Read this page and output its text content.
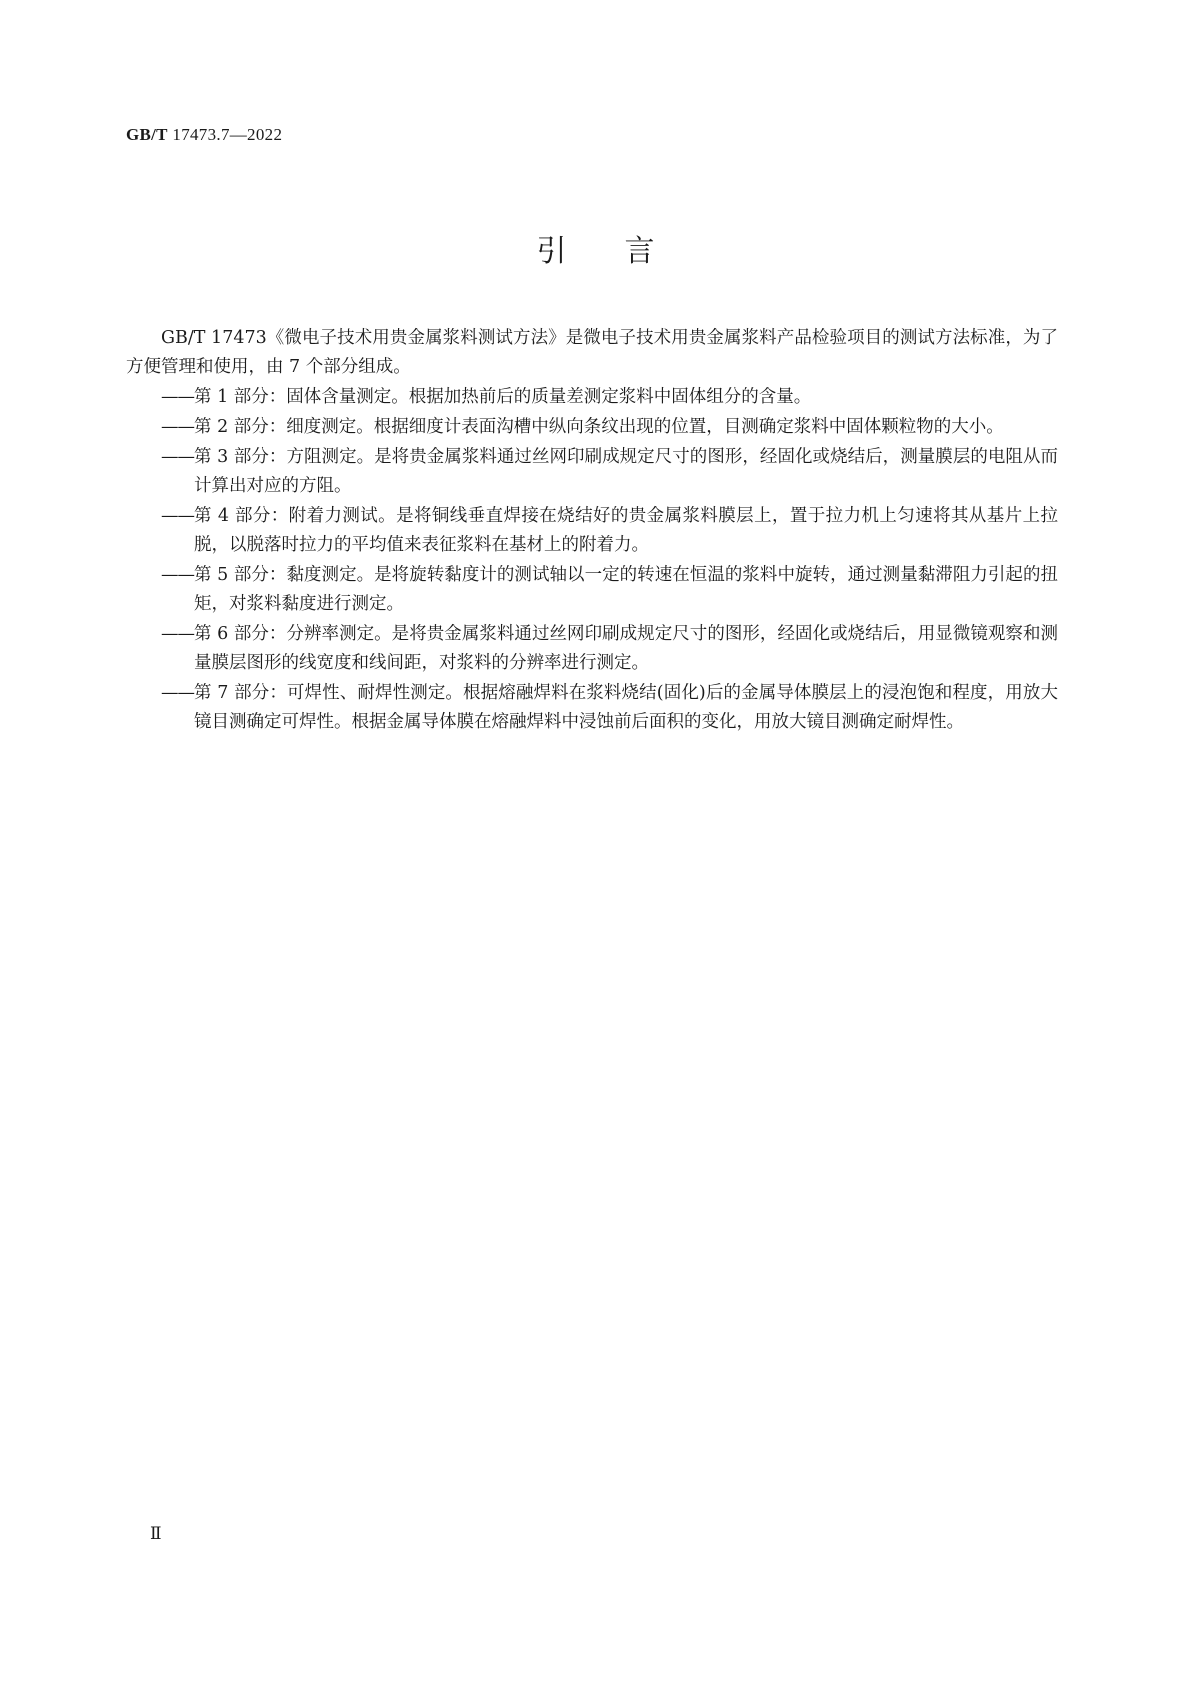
GB/T 17473.7—2022
引言

GB/T 17473《微电子技术用贵金属浆料测试方法》是微电子技术用贵金属浆料产品检验项目的测试方法标准，为了方便管理和使用，由 7 个部分组成。

—— 第 1 部分：固体含量测定。根据加热前后的质量差测定浆料中固体组分的含量。
—— 第 2 部分：细度测定。根据细度计表面沟槽中纵向条纹出现的位置，目测确定浆料中固体颗粒物的大小。
—— 第 3 部分：方阻测定。是将贵金属浆料通过丝网印刷成规定尺寸的图形，经固化或烧结后，测量膜层的电阻从而计算出对应的方阻。
—— 第 4 部分：附着力测试。是将铜线垂直焊接在烧结好的贵金属浆料膜层上，置于拉力机上匀速将其从基片上拉脱，以脱落时拉力的平均值来表征浆料在基材上的附着力。
—— 第 5 部分：黏度测定。是将旋转黏度计的测试轴以一定的转速在恒温的浆料中旋转，通过测量黏滞阻力引起的扭矩，对浆料黏度进行测定。
—— 第 6 部分：分辨率测定。是将贵金属浆料通过丝网印刷成规定尺寸的图形，经固化或烧结后，用显微镜观察和测量膜层图形的线宽度和线间距，对浆料的分辨率进行测定。
—— 第 7 部分：可焊性、耐焊性测定。根据熔融焊料在浆料烧结(固化)后的金属导体膜层上的浸泡饱和程度，用放大镜目测确定可焊性。根据金属导体膜在熔融焊料中浸蚀前后面积的变化，用放大镜目测确定耐焊性。
Ⅱ
